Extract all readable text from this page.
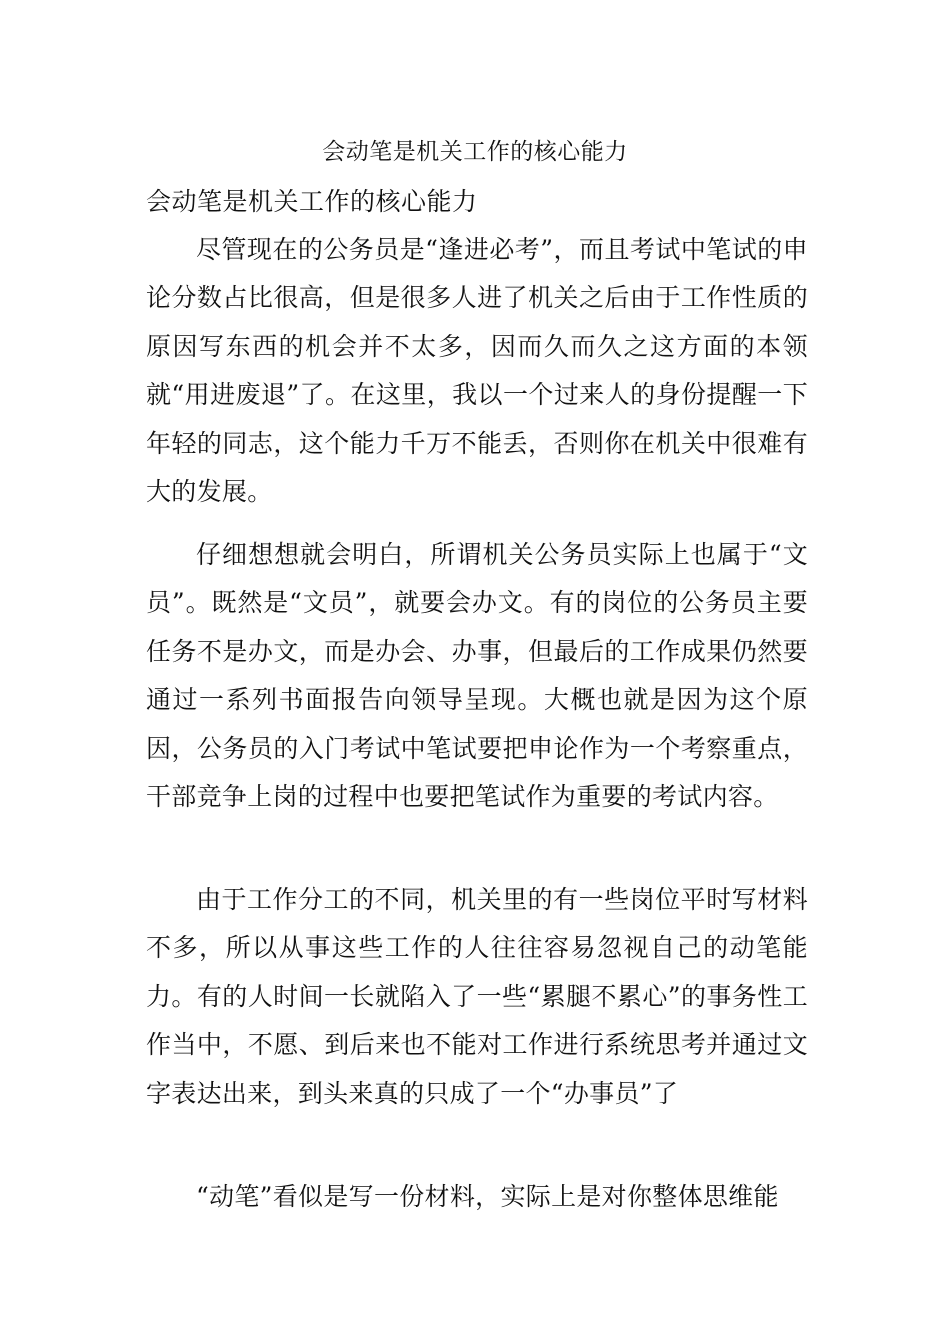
会动笔是机关工作的核心能力

会动笔是机关工作的核心能力

尽管现在的公务员是“逢进必考”，而且考试中笔试的申论分数占比很高，但是很多人进了机关之后由于工作性质的原因写东西的机会并不太多，因而久而久之这方面的本领就“用进废退”了。在这里，我以一个过来人的身份提醒一下年轻的同志，这个能力千万不能丢，否则你在机关中很难有大的发展。

仔细想想就会明白，所谓机关公务员实际上也属于“文员”。既然是“文员”，就要会办文。有的岗位的公务员主要任务不是办文，而是办会、办事，但最后的工作成果仍然要通过一系列书面报告向领导呈现。大概也就是因为这个原因，公务员的入门考试中笔试要把申论作为一个考察重点，干部竞争上岗的过程中也要把笔试作为重要的考试内容。

由于工作分工的不同，机关里的有一些岗位平时写材料不多，所以从事这些工作的人往往容易忽视自己的动笔能力。有的人时间一长就陷入了一些“累腿不累心”的事务性工作当中，不愿、到后来也不能对工作进行系统思考并通过文字表达出来，到头来真的只成了一个“办事员”了

“动笔”看似是写一份材料，实际上是对你整体思维能
